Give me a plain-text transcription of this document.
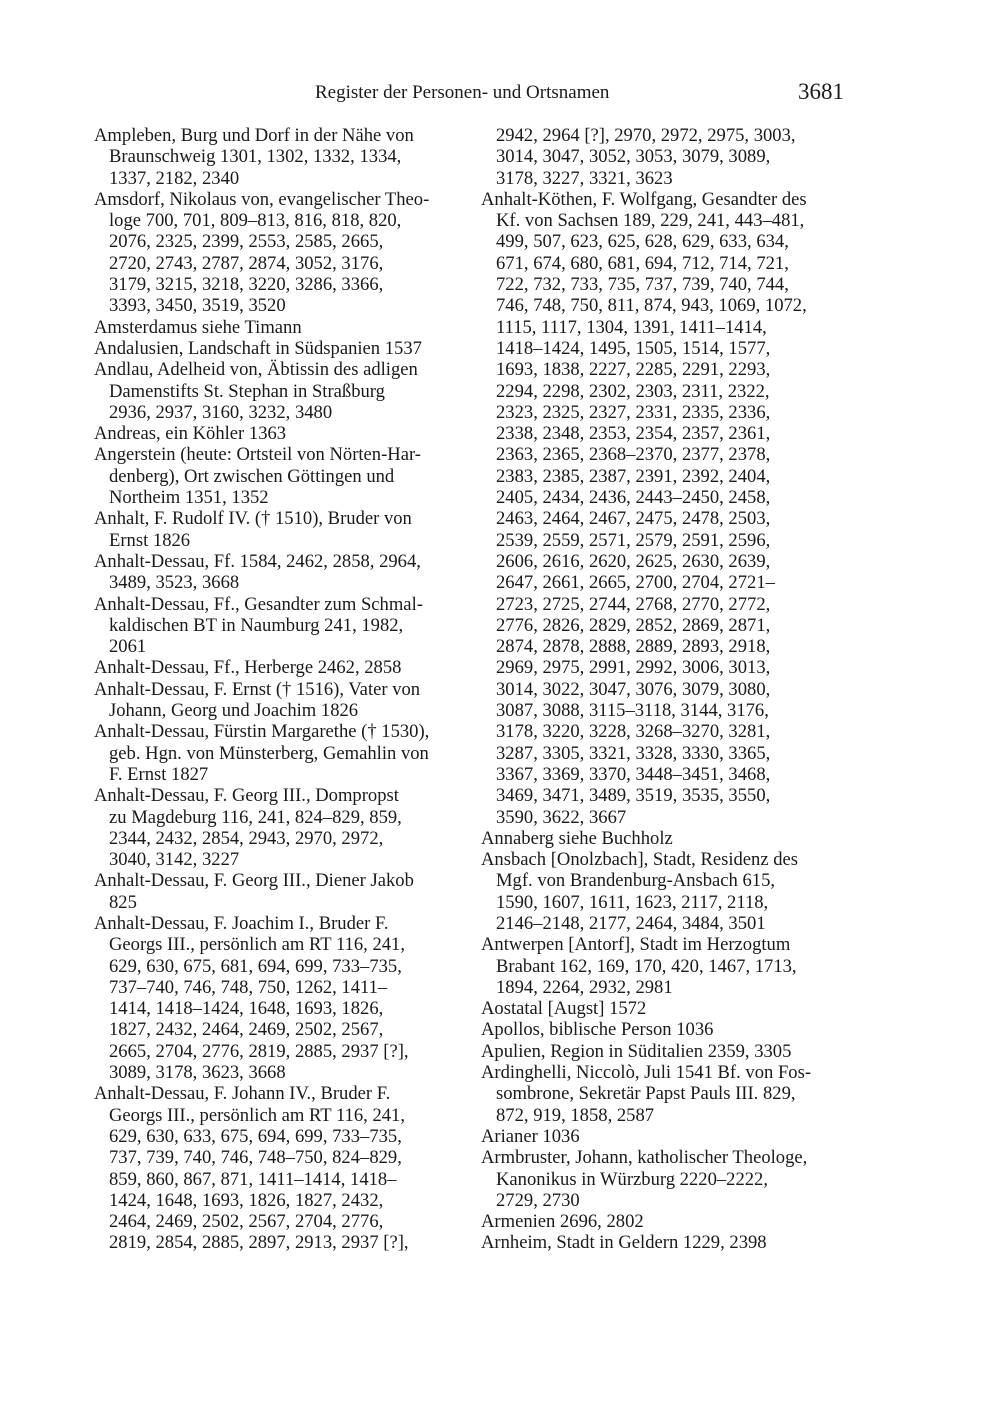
Register der Personen- und Ortsnamen	3681
Ampleben, Burg und Dorf in der Nähe von
Braunschweig 1301, 1302, 1332, 1334,
1337, 2182, 2340
Amsdorf, Nikolaus von, evangelischer Theo-
loge 700, 701, 809–813, 816, 818, 820,
2076, 2325, 2399, 2553, 2585, 2665,
2720, 2743, 2787, 2874, 3052, 3176,
3179, 3215, 3218, 3220, 3286, 3366,
3393, 3450, 3519, 3520
Amsterdamus siehe Timann
Andalusien, Landschaft in Südspanien 1537
Andlau, Adelheid von, Äbtissin des adligen
Damenstifts St. Stephan in Straßburg
2936, 2937, 3160, 3232, 3480
Andreas, ein Köhler 1363
Angerstein (heute: Ortsteil von Nörten-Har-
denberg), Ort zwischen Göttingen und
Northeim 1351, 1352
Anhalt, F. Rudolf IV. († 1510), Bruder von
Ernst 1826
Anhalt-Dessau, Ff. 1584, 2462, 2858, 2964,
3489, 3523, 3668
Anhalt-Dessau, Ff., Gesandter zum Schmal-
kaldischen BT in Naumburg 241, 1982,
2061
Anhalt-Dessau, Ff., Herberge 2462, 2858
Anhalt-Dessau, F. Ernst († 1516), Vater von
Johann, Georg und Joachim 1826
Anhalt-Dessau, Fürstin Margarethe († 1530),
geb. Hgn. von Münsterberg, Gemahlin von
F. Ernst 1827
Anhalt-Dessau, F. Georg III., Dompropst
zu Magdeburg 116, 241, 824–829, 859,
2344, 2432, 2854, 2943, 2970, 2972,
3040, 3142, 3227
Anhalt-Dessau, F. Georg III., Diener Jakob
825
Anhalt-Dessau, F. Joachim I., Bruder F.
Georgs III., persönlich am RT 116, 241,
629, 630, 675, 681, 694, 699, 733–735,
737–740, 746, 748, 750, 1262, 1411–
1414, 1418–1424, 1648, 1693, 1826,
1827, 2432, 2464, 2469, 2502, 2567,
2665, 2704, 2776, 2819, 2885, 2937 [?],
3089, 3178, 3623, 3668
Anhalt-Dessau, F. Johann IV., Bruder F.
Georgs III., persönlich am RT 116, 241,
629, 630, 633, 675, 694, 699, 733–735,
737, 739, 740, 746, 748–750, 824–829,
859, 860, 867, 871, 1411–1414, 1418–
1424, 1648, 1693, 1826, 1827, 2432,
2464, 2469, 2502, 2567, 2704, 2776,
2819, 2854, 2885, 2897, 2913, 2937 [?],
2942, 2964 [?], 2970, 2972, 2975, 3003,
3014, 3047, 3052, 3053, 3079, 3089,
3178, 3227, 3321, 3623
Anhalt-Köthen, F. Wolfgang, Gesandter des
Kf. von Sachsen 189, 229, 241, 443–481,
499, 507, 623, 625, 628, 629, 633, 634,
671, 674, 680, 681, 694, 712, 714, 721,
722, 732, 733, 735, 737, 739, 740, 744,
746, 748, 750, 811, 874, 943, 1069, 1072,
1115, 1117, 1304, 1391, 1411–1414,
1418–1424, 1495, 1505, 1514, 1577,
1693, 1838, 2227, 2285, 2291, 2293,
2294, 2298, 2302, 2303, 2311, 2322,
2323, 2325, 2327, 2331, 2335, 2336,
2338, 2348, 2353, 2354, 2357, 2361,
2363, 2365, 2368–2370, 2377, 2378,
2383, 2385, 2387, 2391, 2392, 2404,
2405, 2434, 2436, 2443–2450, 2458,
2463, 2464, 2467, 2475, 2478, 2503,
2539, 2559, 2571, 2579, 2591, 2596,
2606, 2616, 2620, 2625, 2630, 2639,
2647, 2661, 2665, 2700, 2704, 2721–
2723, 2725, 2744, 2768, 2770, 2772,
2776, 2826, 2829, 2852, 2869, 2871,
2874, 2878, 2888, 2889, 2893, 2918,
2969, 2975, 2991, 2992, 3006, 3013,
3014, 3022, 3047, 3076, 3079, 3080,
3087, 3088, 3115–3118, 3144, 3176,
3178, 3220, 3228, 3268–3270, 3281,
3287, 3305, 3321, 3328, 3330, 3365,
3367, 3369, 3370, 3448–3451, 3468,
3469, 3471, 3489, 3519, 3535, 3550,
3590, 3622, 3667
Annaberg siehe Buchholz
Ansbach [Onolzbach], Stadt, Residenz des
Mgf. von Brandenburg-Ansbach 615,
1590, 1607, 1611, 1623, 2117, 2118,
2146–2148, 2177, 2464, 3484, 3501
Antwerpen [Antorf], Stadt im Herzogtum
Brabant 162, 169, 170, 420, 1467, 1713,
1894, 2264, 2932, 2981
Aostatal [Augst] 1572
Apollos, biblische Person 1036
Apulien, Region in Süditalien 2359, 3305
Ardinghelli, Niccolò, Juli 1541 Bf. von Fos-
sombrone, Sekretär Papst Pauls III. 829,
872, 919, 1858, 2587
Arianer 1036
Armbruster, Johann, katholischer Theologe,
Kanonikus in Würzburg 2220–2222,
2729, 2730
Armenien 2696, 2802
Arnheim, Stadt in Geldern 1229, 2398
